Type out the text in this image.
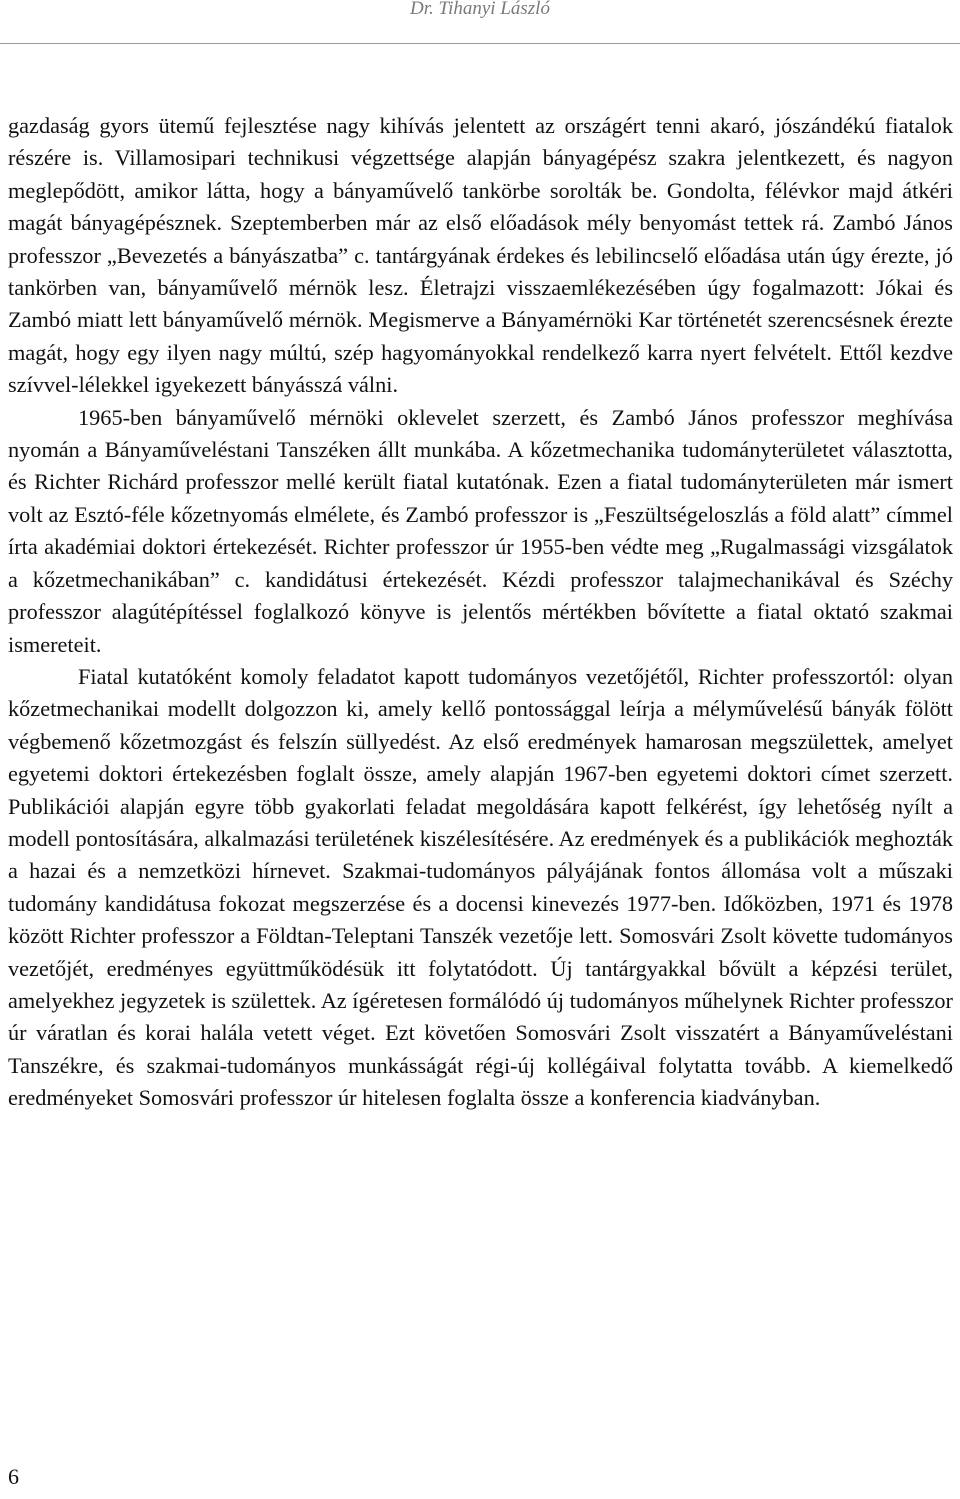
Dr. Tihanyi László

gazdaság gyors ütemű fejlesztése nagy kihívás jelentett az országért tenni akaró, jószándékú fiatalok részére is. Villamosipari technikusi végzettsége alapján bányagépész szakra jelentkezett, és nagyon meglepődött, amikor látta, hogy a bányaművelő tankörbe sorolták be. Gondolta, félévkor majd átkéri magát bányagépésznek. Szeptemberben már az első előadások mély benyomást tettek rá. Zambó János professzor „Bevezetés a bányászatba” c. tantárgyának érdekes és lebilincselő előadása után úgy érezte, jó tankörben van, bányaművelő mérnök lesz. Életrajzi visszaemlékezésében úgy fogalmazott: Jókai és Zambó miatt lett bányaművelő mérnök. Megismerve a Bányamérnöki Kar történetét szerencsésnek érezte magát, hogy egy ilyen nagy múltú, szép hagyományokkal rendelkező karra nyert felvételt. Ettől kezdve szívvel-lélekkel igyekezett bányásszá válni.

1965-ben bányaművelő mérnöki oklevelet szerzett, és Zambó János professzor meghívása nyomán a Bányaműveléstani Tanszéken állt munkába. A kőzetmechanika tudományterületet választotta, és Richter Richárd professzor mellé került fiatal kutatónak. Ezen a fiatal tudományterületen már ismert volt az Esztó-féle kőzetnyomás elmélete, és Zambó professzor is „Feszültségeloszlás a föld alatt” címmel írta akadémiai doktori értekezését. Richter professzor úr 1955-ben védte meg „Rugalmassági vizsgálatok a kőzetmechanikában” c. kandidátusi értekezését. Kézdi professzor talajmechanikával és Széchy professzor alagútépítéssel foglalkozó könyve is jelentős mértékben bővítette a fiatal oktató szakmai ismereteit.

Fiatal kutatóként komoly feladatot kapott tudományos vezetőjétől, Richter professzortól: olyan kőzetmechanikai modellt dolgozzon ki, amely kellő pontossággal leírja a mélyművelésű bányák fölött végbemenő kőzetmozgást és felszín süllyedést. Az első eredmények hamarosan megszülettek, amelyet egyetemi doktori értekezésben foglalt össze, amely alapján 1967-ben egyetemi doktori címet szerzett. Publikációi alapján egyre több gyakorlati feladat megoldására kapott felkérést, így lehetőség nyílt a modell pontosítására, alkalmazási területének kiszélesítésére. Az eredmények és a publikációk meghozták a hazai és a nemzetközi hírnevet. Szakmai-tudományos pályájának fontos állomása volt a műszaki tudomány kandidátusa fokozat megszerzése és a docensi kinevezés 1977-ben. Időközben, 1971 és 1978 között Richter professzor a Földtan-Teleptani Tanszék vezetője lett. Somosvári Zsolt követte tudományos vezetőjét, eredményes együttműködésük itt folytatódott. Új tantárgyakkal bővült a képzési terület, amelyekhez jegyzetek is születtek. Az ígéretesen formálódó új tudományos műhelynek Richter professzor úr váratlan és korai halála vetett véget. Ezt követően Somosvári Zsolt visszatért a Bányaműveléstani Tanszékre, és szakmai-tudományos munkásságát régi-új kollégáival folytatta tovább. A kiemelkedő eredményeket Somosvári professzor úr hitelesen foglalta össze a konferencia kiadványban.

6
